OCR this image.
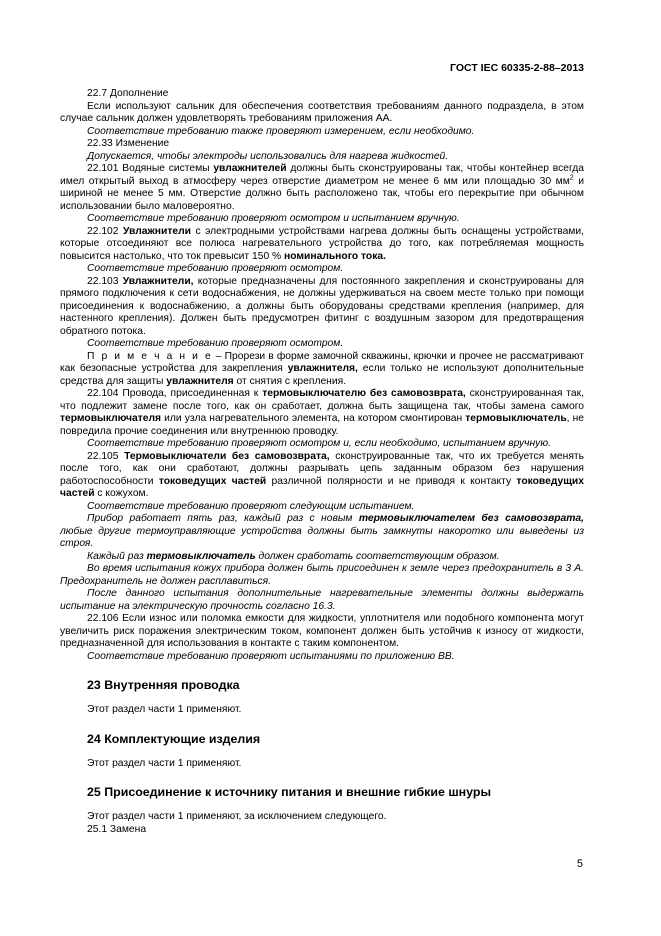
ГОСТ IEC 60335-2-88–2013

22.7 Дополнение

Если используют сальник для обеспечения соответствия требованиям данного подраздела, в этом случае сальник должен удовлетворять требованиям приложения АА.

Соответствие требованию также проверяют измерением, если необходимо.

22.33 Изменение

Допускается, чтобы электроды использовались для нагрева жидкостей.

22.101 Водяные системы увлажнителей должны быть сконструированы так, чтобы контейнер всегда имел открытый выход в атмосферу через отверстие диаметром не менее 6 мм или площадью 30 $мм^2$ и шириной не менее 5 мм. Отверстие должно быть расположено так, чтобы его перекрытие при обычном использовании было маловероятно.

Соответствие требованию проверяют осмотром и испытанием вручную.

22.102 Увлажнители с электродными устройствами нагрева должны быть оснащены устройствами, которые отсоединяют все полюса нагревательного устройства до того, как потребляемая мощность повысится настолько, что ток превысит 150 % номинального тока.

Соответствие требованию проверяют осмотром.

22.103 Увлажнители, которые предназначены для постоянного закрепления и сконструированы для прямого подключения к сети водоснабжения, не должны удерживаться на своем месте только при помощи присоединения к водоснабжению, а должны быть оборудованы средствами крепления (например, для настенного крепления). Должен быть предусмотрен фитинг с воздушным зазором для предотвращения обратного потока.

Соответствие требованию проверяют осмотром.

П р и м е ч а н и е – Прорези в форме замочной скважины, крючки и прочее не рассматривают как безопасные устройства для закрепления увлажнителя, если только не используют дополнительные средства для защиты увлажнителя от снятия с крепления.

22.104 Провода, присоединенная к термовыключателю без самовозврата, сконструированная так, что подлежит замене после того, как он сработает, должна быть защищена так, чтобы замена самого термовыключателя или узла нагревательного элемента, на котором смонтирован термовыключатель, не повредила прочие соединения или внутреннюю проводку.

Соответствие требованию проверяют осмотром и, если необходимо, испытанием вручную.

22.105 Термовыключатели без самовозврата, сконструированные так, что их требуется менять после того, как они сработают, должны разрывать цепь заданным образом без нарушения работоспособности токоведущих частей различной полярности и не приводя к контакту токоведущих частей с кожухом.

Соответствие требованию проверяют следующим испытанием.

Прибор работает пять раз, каждый раз с новым термовыключателем без самовозврата, любые другие термоуправляющие устройства должны быть замкнуты накоротко или выведены из строя.

Каждый раз термовыключатель должен сработать соответствующим образом.

Во время испытания кожух прибора должен быть присоединен к земле через предохранитель в 3 А. Предохранитель не должен расплавиться.

После данного испытания дополнительные нагревательные элементы должны выдержать испытание на электрическую прочность согласно 16.3.

22.106 Если износ или поломка емкости для жидкости, уплотнителя или подобного компонента могут увеличить риск поражения электрическим током, компонент должен быть устойчив к износу от жидкости, предназначенной для использования в контакте с таким компонентом.

Соответствие требованию проверяют испытаниями по приложению ВВ.

23 Внутренняя проводка

Этот раздел части 1 применяют.

24 Комплектующие изделия

Этот раздел части 1 применяют.

25 Присоединение к источнику питания и внешние гибкие шнуры

Этот раздел части 1 применяют, за исключением следующего.

25.1 Замена

5
